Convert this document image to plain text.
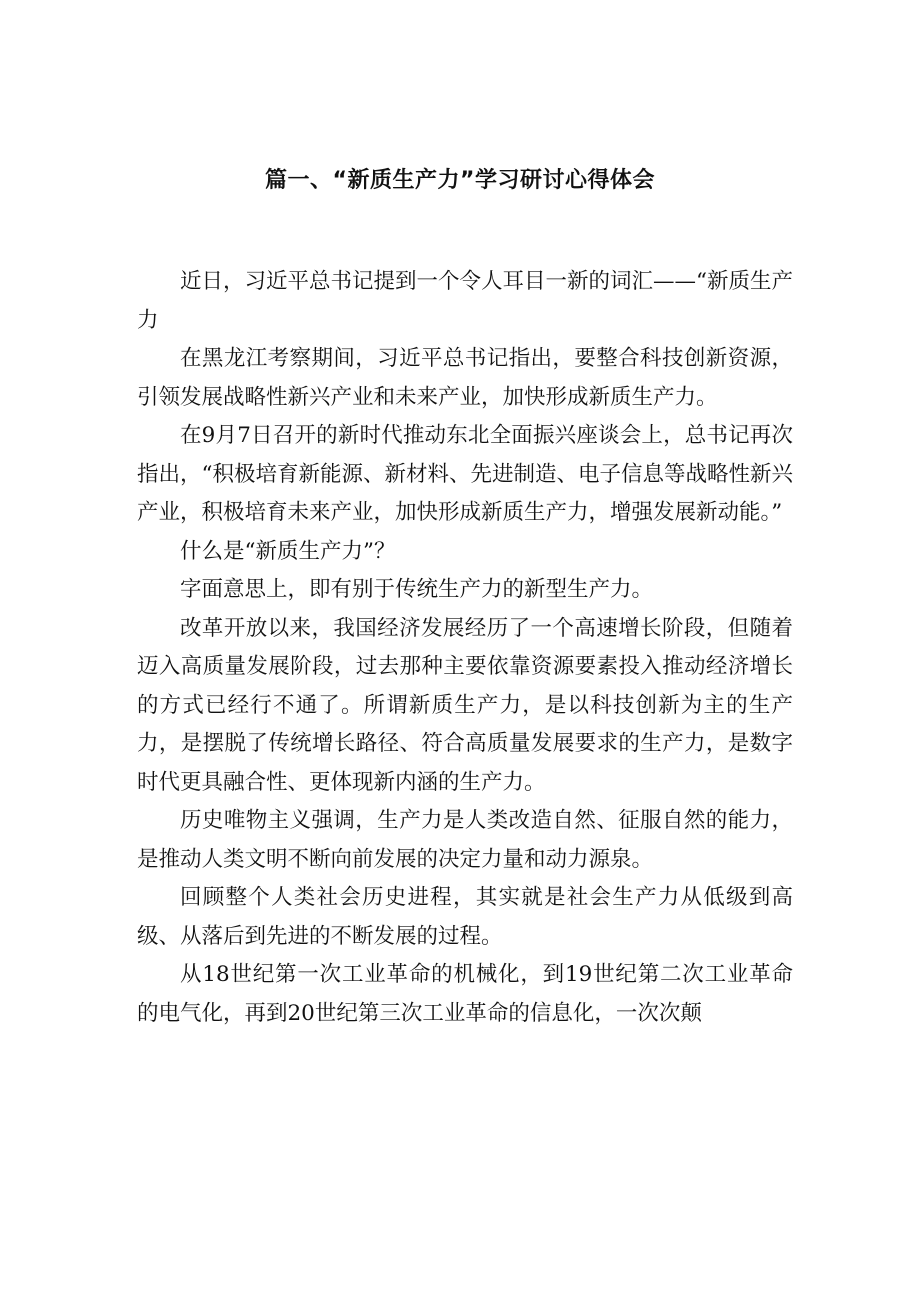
篇一、“新质生产力”学习研讨心得体会

近日，习近平总书记提到一个令人耳目一新的词汇——“新质生产力

在黑龙江考察期间，习近平总书记指出，要整合科技创新资源，引领发展战略性新兴产业和未来产业，加快形成新质生产力。

在9月7日召开的新时代推动东北全面振兴座谈会上，总书记再次指出，“积极培育新能源、新材料、先进制造、电子信息等战略性新兴产业，积极培育未来产业，加快形成新质生产力，增强发展新动能。”

什么是“新质生产力”？

字面意思上，即有别于传统生产力的新型生产力。

改革开放以来，我国经济发展经历了一个高速增长阶段，但随着迈入高质量发展阶段，过去那种主要依靠资源要素投入推动经济增长的方式已经行不通了。所谓新质生产力，是以科技创新为主的生产力，是摆脱了传统增长路径、符合高质量发展要求的生产力，是数字时代更具融合性、更体现新内涵的生产力。

历史唯物主义强调，生产力是人类改造自然、征服自然的能力，是推动人类文明不断向前发展的决定力量和动力源泉。

回顾整个人类社会历史进程，其实就是社会生产力从低级到高级、从落后到先进的不断发展的过程。

从18世纪第一次工业革命的机械化，到19世纪第二次工业革命的电气化，再到20世纪第三次工业革命的信息化，一次次颠
